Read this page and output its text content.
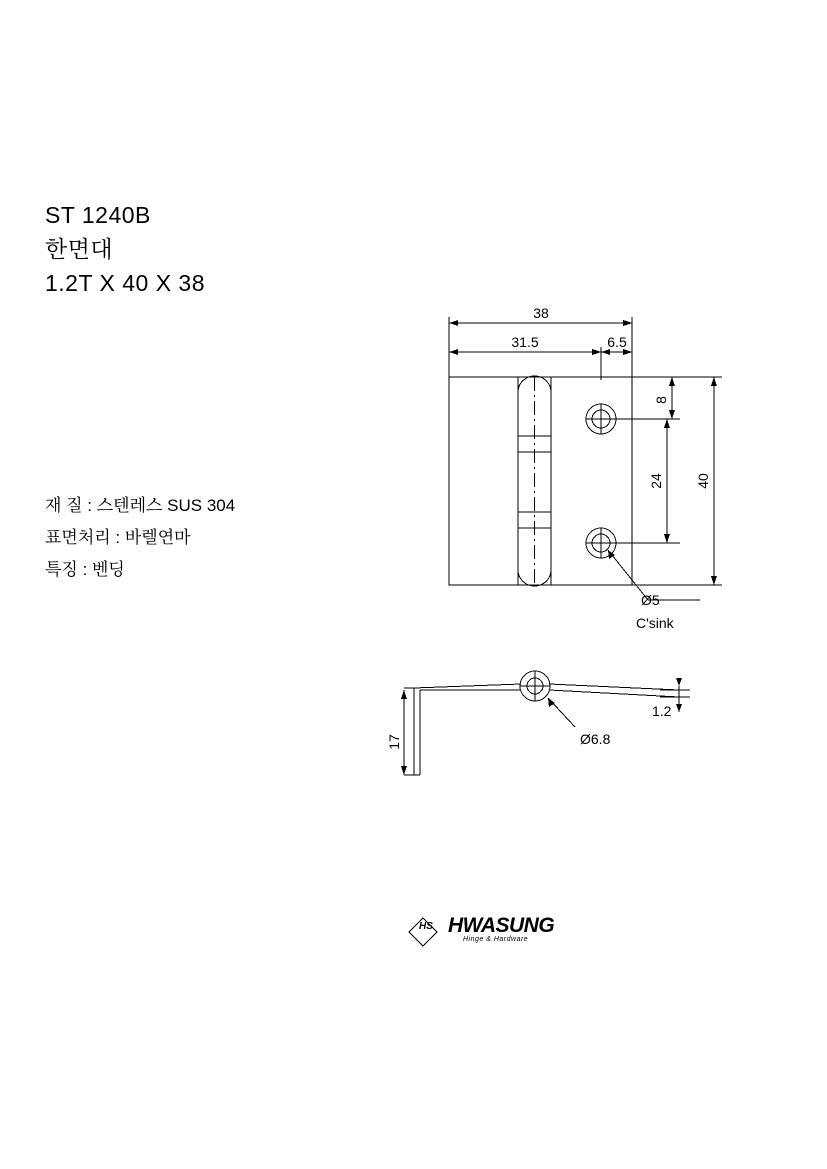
ST 1240B
한면대
1.2T X 40 X 38
재 질 : 스텐레스 SUS 304
표면처리 : 바렐연마
특징 : 벤딩
38
31.5	6.5
8
24 40
Ø5
C'sink
17
1.2
Ø6.8
HS HWASUNG
Hinge & Hardware
